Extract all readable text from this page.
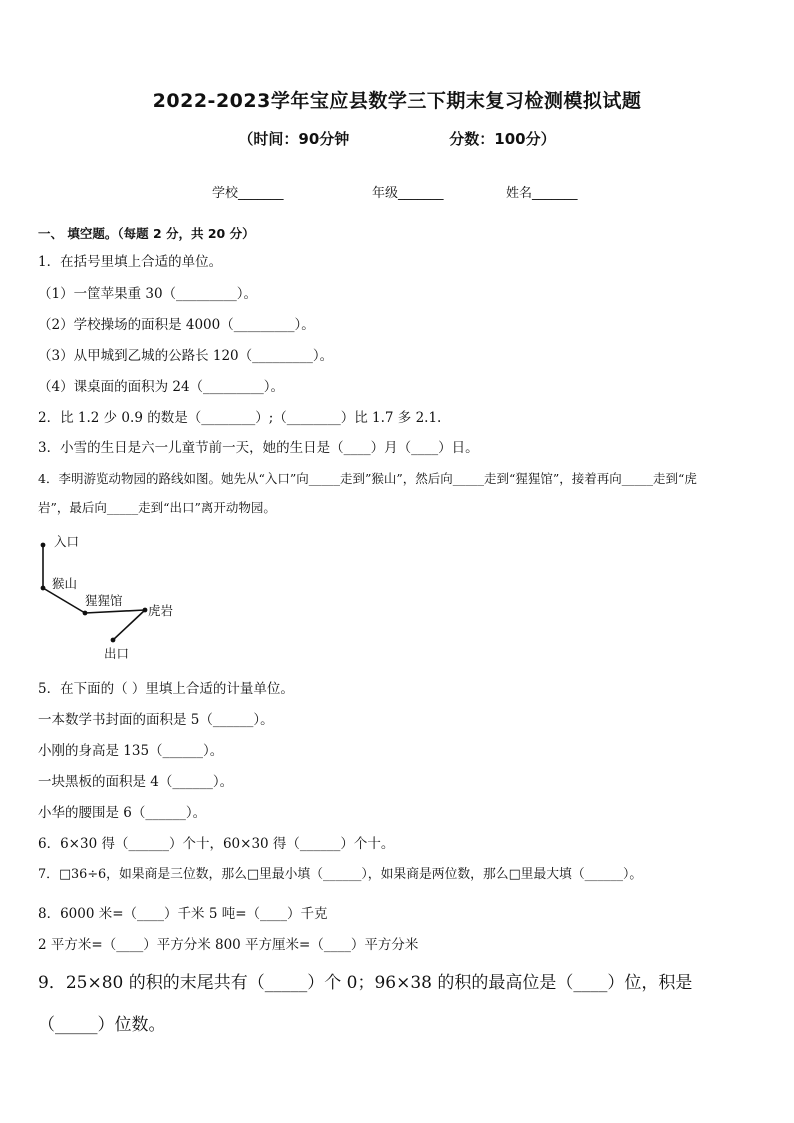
2022-2023学年宝应县数学三下期末复习检测模拟试题
（时间：90分钟	分数：100分）
学校_______	年级_______	姓名_______
一、 填空题。（每题 2 分，共 20 分）
1．在括号里填上合适的单位。
（1）一筐苹果重 30（_________）。
（2）学校操场的面积是 4000（_________）。
（3）从甲城到乙城的公路长 120（_________）。
（4）课桌面的面积为 24（_________）。
2．比 1.2 少 0.9 的数是（________）;（________）比 1.7 多 2.1.
3．小雪的生日是六一儿童节前一天，她的生日是（____）月（____）日。
4．李明游览动物园的路线如图。她先从“入口”向_____走到”猴山”，然后向_____走到“猩猩馆”，接着再向_____走到“虎
岩”，最后向_____走到“出口”离开动物园。
入口
猴山
猩猩馆
虎岩
出口
5．在下面的（ ）里填上合适的计量单位。
一本数学书封面的面积是 5（______）。
小刚的身高是 135（______）。
一块黑板的面积是 4（______）。
小华的腰围是 6（______）。
6．6×30 得（______）个十，60×30 得（______）个十。
7．□36÷6，如果商是三位数，那么□里最小填（______），如果商是两位数，那么□里最大填（______）。
8．6000 米=（____）千米 5 吨=（____）千克
2 平方米=（____）平方分米 800 平方厘米=（____）平方分米
9．25×80 的积的末尾共有（_____）个 0；96×38 的积的最高位是（____）位，积是
（_____）位数。
